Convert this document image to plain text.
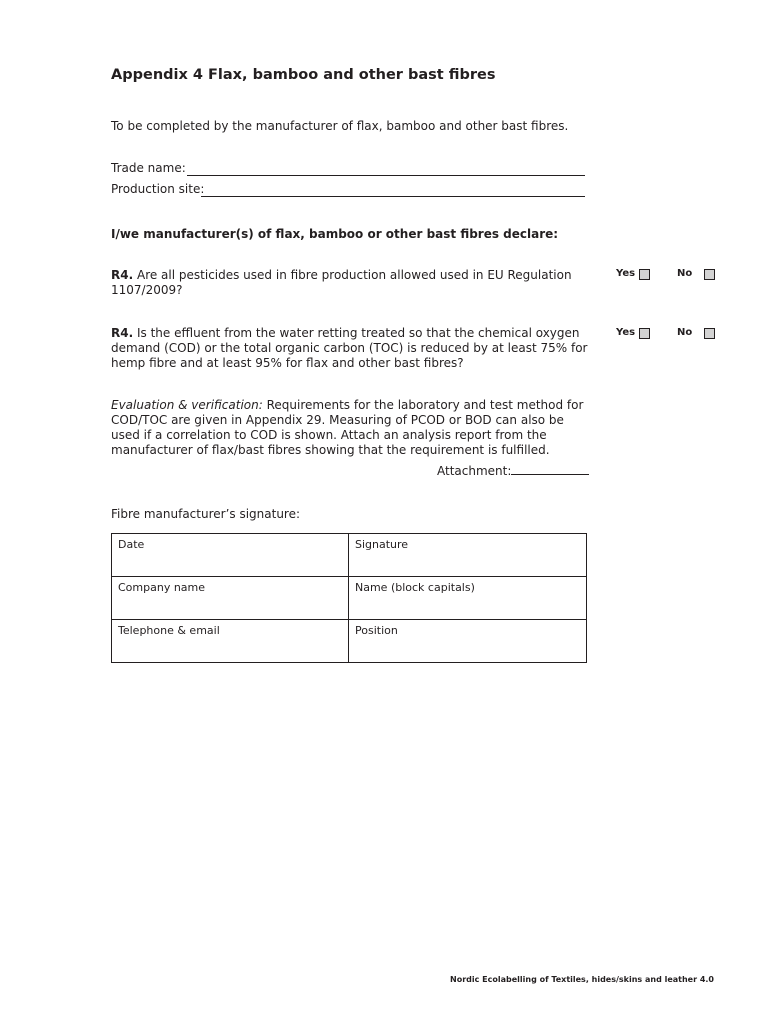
Appendix 4 Flax, bamboo and other bast fibres
To be completed by the manufacturer of flax, bamboo and other bast fibres.
Trade name:
Production site:
I/we manufacturer(s) of flax, bamboo or other bast fibres declare:
R4. Are all pesticides used in fibre production allowed used in EU Regulation 1107/2009?
Yes	No
R4. Is the effluent from the water retting treated so that the chemical oxygen demand (COD) or the total organic carbon (TOC) is reduced by at least 75% for hemp fibre and at least 95% for flax and other bast fibres?
Yes	No
Evaluation & verification: Requirements for the laboratory and test method for COD/TOC are given in Appendix 29. Measuring of PCOD or BOD can also be used if a correlation to COD is shown. Attach an analysis report from the manufacturer of flax/bast fibres showing that the requirement is fulfilled.
Attachment:
Fibre manufacturer’s signature:
Date	Signature
Company name	Name (block capitals)
Telephone & email	Position
Nordic Ecolabelling of Textiles, hides/skins and leather 4.0
